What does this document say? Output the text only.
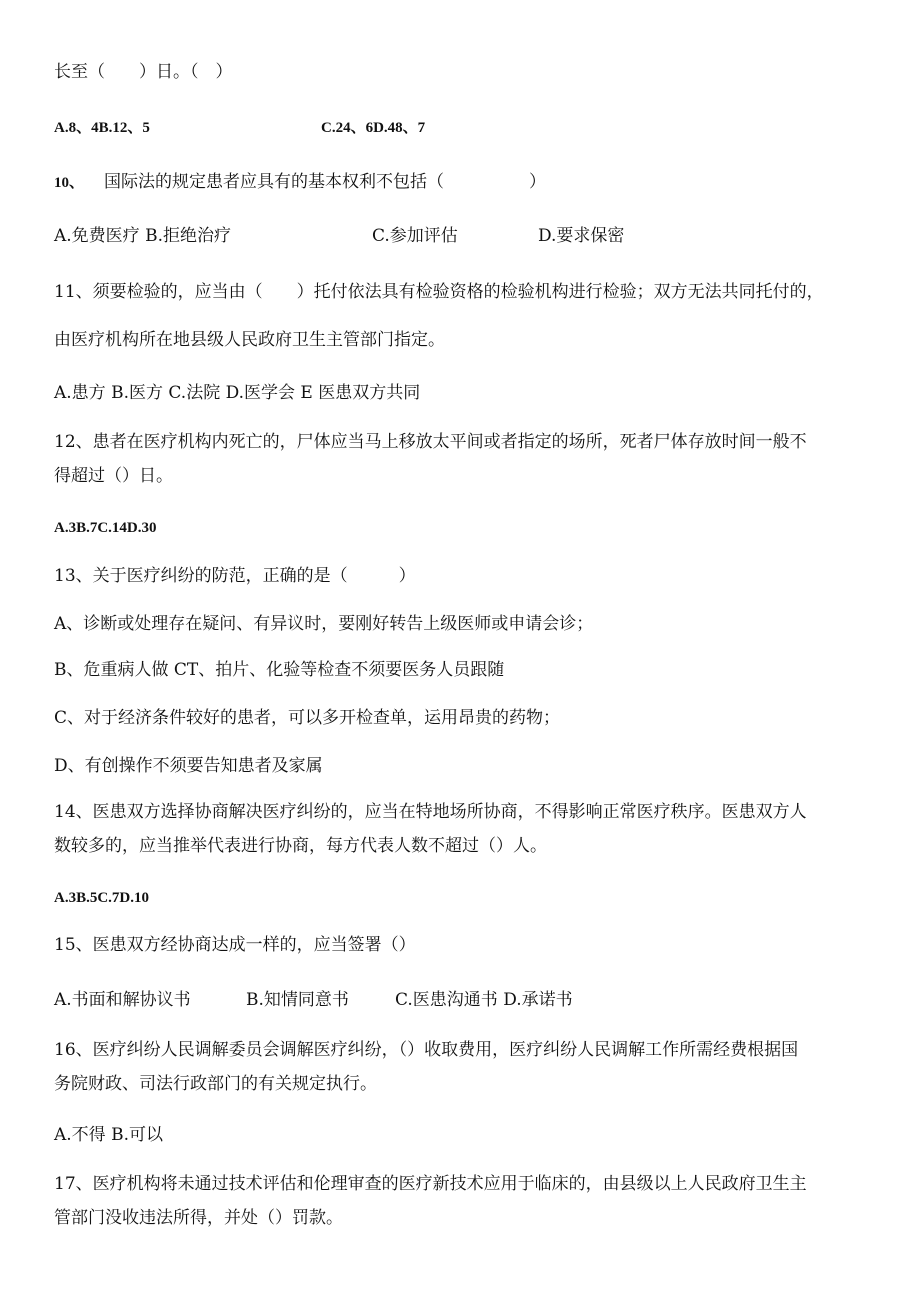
长至（　　）日。（　）
A.8、4B.12、5	C.24、6D.48、7
10、 国际法的规定患者应具有的基本权利不包括（　　　　　）
A.免费医疗 B.拒绝治疗	C.参加评估	D.要求保密
11、须要检验的，应当由（　　）托付依法具有检验资格的检验机构进行检验；双方无法共同托付的，
由医疗机构所在地县级人民政府卫生主管部门指定。
A.患方 B.医方 C.法院 D.医学会 E 医患双方共同
12、患者在医疗机构内死亡的，尸体应当马上移放太平间或者指定的场所，死者尸体存放时间一般不
得超过（）日。
A.3B.7C.14D.30
13、关于医疗纠纷的防范，正确的是（　　　）
A、诊断或处理存在疑问、有异议时，要刚好转告上级医师或申请会诊；
B、危重病人做 CT、拍片、化验等检查不须要医务人员跟随
C、对于经济条件较好的患者，可以多开检查单，运用昂贵的药物；
D、有创操作不须要告知患者及家属
14、医患双方选择协商解决医疗纠纷的，应当在特地场所协商，不得影响正常医疗秩序。医患双方人
数较多的，应当推举代表进行协商，每方代表人数不超过（）人。
A.3B.5C.7D.10
15、医患双方经协商达成一样的，应当签署（）
A.书面和解协议书	B.知情同意书	C.医患沟通书 D.承诺书
16、医疗纠纷人民调解委员会调解医疗纠纷，（）收取费用，医疗纠纷人民调解工作所需经费根据国
务院财政、司法行政部门的有关规定执行。
A.不得 B.可以
17、医疗机构将未通过技术评估和伦理审查的医疗新技术应用于临床的，由县级以上人民政府卫生主
管部门没收违法所得，并处（）罚款。
